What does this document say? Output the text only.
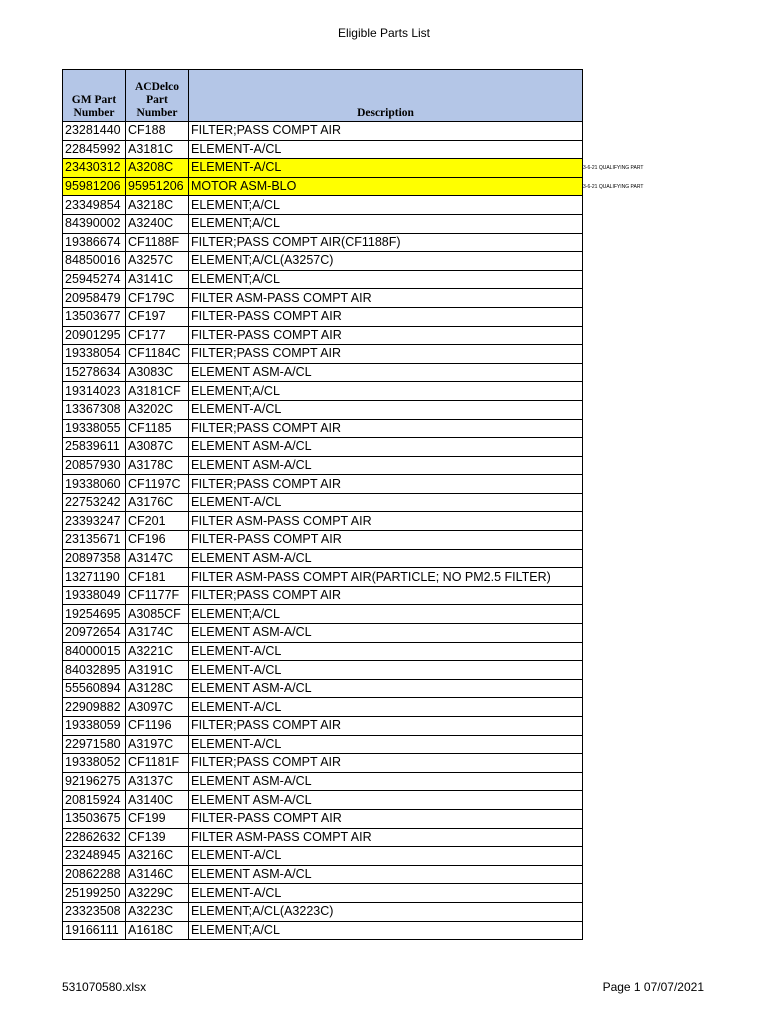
Eligible Parts List
GM Part Number	ACDelco Part Number	Description
23281440	CF188	FILTER;PASS COMPT AIR
22845992	A3181C	ELEMENT-A/CL
23430312	A3208C	ELEMENT-A/CL
95981206	95951206	MOTOR ASM-BLO
23349854	A3218C	ELEMENT;A/CL
84390002	A3240C	ELEMENT;A/CL
19386674	CF1188F	FILTER;PASS COMPT AIR(CF1188F)
84850016	A3257C	ELEMENT;A/CL(A3257C)
25945274	A3141C	ELEMENT;A/CL
20958479	CF179C	FILTER ASM-PASS COMPT AIR
13503677	CF197	FILTER-PASS COMPT AIR
20901295	CF177	FILTER-PASS COMPT AIR
19338054	CF1184C	FILTER;PASS COMPT AIR
15278634	A3083C	ELEMENT ASM-A/CL
19314023	A3181CF	ELEMENT;A/CL
13367308	A3202C	ELEMENT-A/CL
19338055	CF1185	FILTER;PASS COMPT AIR
25839611	A3087C	ELEMENT ASM-A/CL
20857930	A3178C	ELEMENT ASM-A/CL
19338060	CF1197C	FILTER;PASS COMPT AIR
22753242	A3176C	ELEMENT-A/CL
23393247	CF201	FILTER ASM-PASS COMPT AIR
23135671	CF196	FILTER-PASS COMPT AIR
20897358	A3147C	ELEMENT ASM-A/CL
13271190	CF181	FILTER ASM-PASS COMPT AIR(PARTICLE; NO PM2.5 FILTER)
19338049	CF1177F	FILTER;PASS COMPT AIR
19254695	A3085CF	ELEMENT;A/CL
20972654	A3174C	ELEMENT ASM-A/CL
84000015	A3221C	ELEMENT-A/CL
84032895	A3191C	ELEMENT-A/CL
55560894	A3128C	ELEMENT ASM-A/CL
22909882	A3097C	ELEMENT-A/CL
19338059	CF1196	FILTER;PASS COMPT AIR
22971580	A3197C	ELEMENT-A/CL
19338052	CF1181F	FILTER;PASS COMPT AIR
92196275	A3137C	ELEMENT ASM-A/CL
20815924	A3140C	ELEMENT ASM-A/CL
13503675	CF199	FILTER-PASS COMPT AIR
22862632	CF139	FILTER ASM-PASS COMPT AIR
23248945	A3216C	ELEMENT-A/CL
20862288	A3146C	ELEMENT ASM-A/CL
25199250	A3229C	ELEMENT-A/CL
23323508	A3223C	ELEMENT;A/CL(A3223C)
19166111	A1618C	ELEMENT;A/CL
3-6-21 QUALIFYING PART
3-6-21 QUALIFYING PART
531070580.xlsx	Page 1 07/07/2021
